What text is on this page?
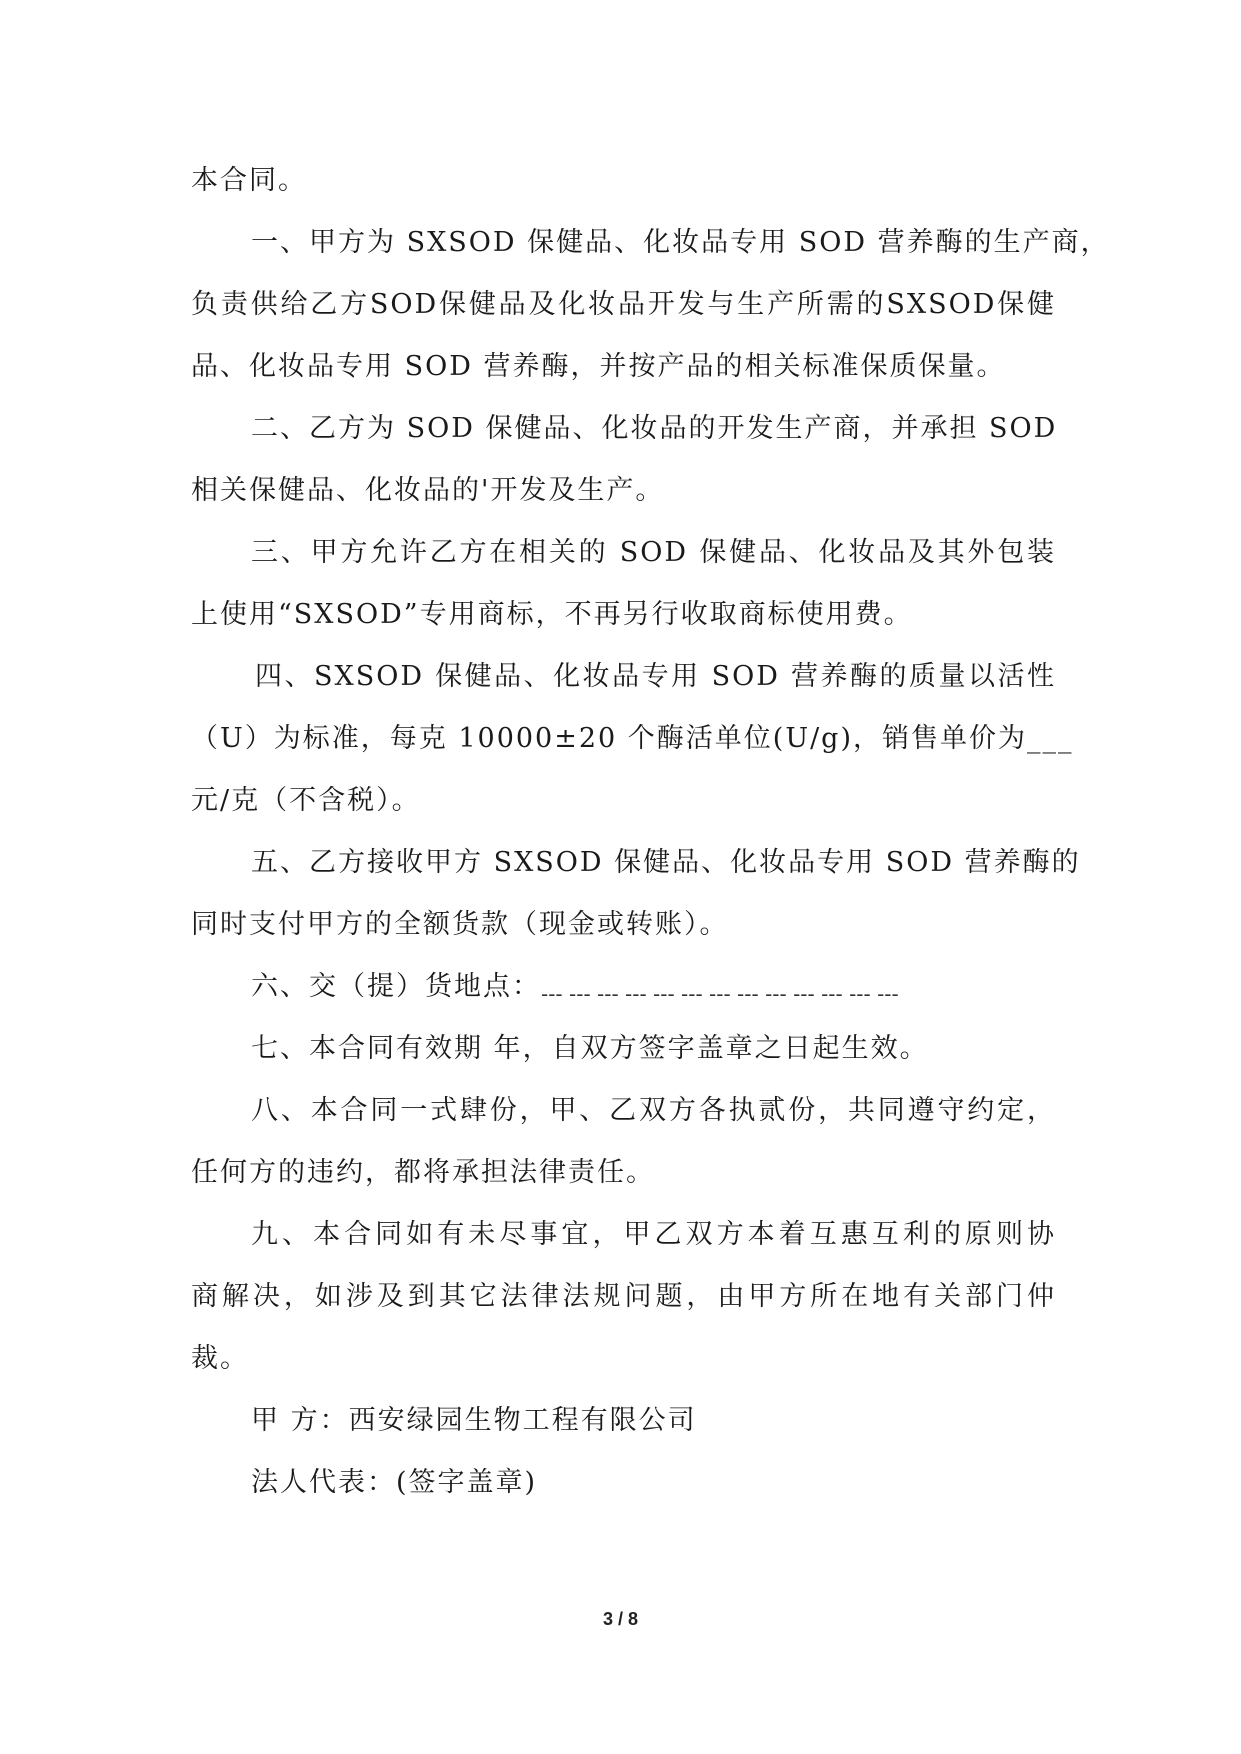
本合同。
一、甲方为 SXSOD 保健品、化妆品专用 SOD 营养酶的生产商，
负责供给乙方SOD保健品及化妆品开发与生产所需的SXSOD保健
品、化妆品专用 SOD 营养酶，并按产品的相关标准保质保量。
二、乙方为 SOD 保健品、化妆品的开发生产商，并承担 SOD
相关保健品、化妆品的'开发及生产。
三、甲方允许乙方在相关的 SOD 保健品、化妆品及其外包装
上使用“SXSOD”专用商标，不再另行收取商标使用费。
四、SXSOD 保健品、化妆品专用 SOD 营养酶的质量以活性
（U）为标准，每克 10000±20 个酶活单位(U/g)，销售单价为___
元/克（不含税）。
五、乙方接收甲方 SXSOD 保健品、化妆品专用 SOD 营养酶的
同时支付甲方的全额货款（现金或转账）。
六、交（提）货地点：--- --- --- --- --- --- --- --- --- --- --- --- ---
七、本合同有效期 年，自双方签字盖章之日起生效。
八、本合同一式肆份，甲、乙双方各执贰份，共同遵守约定，
任何方的违约，都将承担法律责任。
九、本合同如有未尽事宜，甲乙双方本着互惠互利的原则协
商解决，如涉及到其它法律法规问题，由甲方所在地有关部门仲
裁。
甲 方：西安绿园生物工程有限公司
法人代表：(签字盖章)
3 / 8
